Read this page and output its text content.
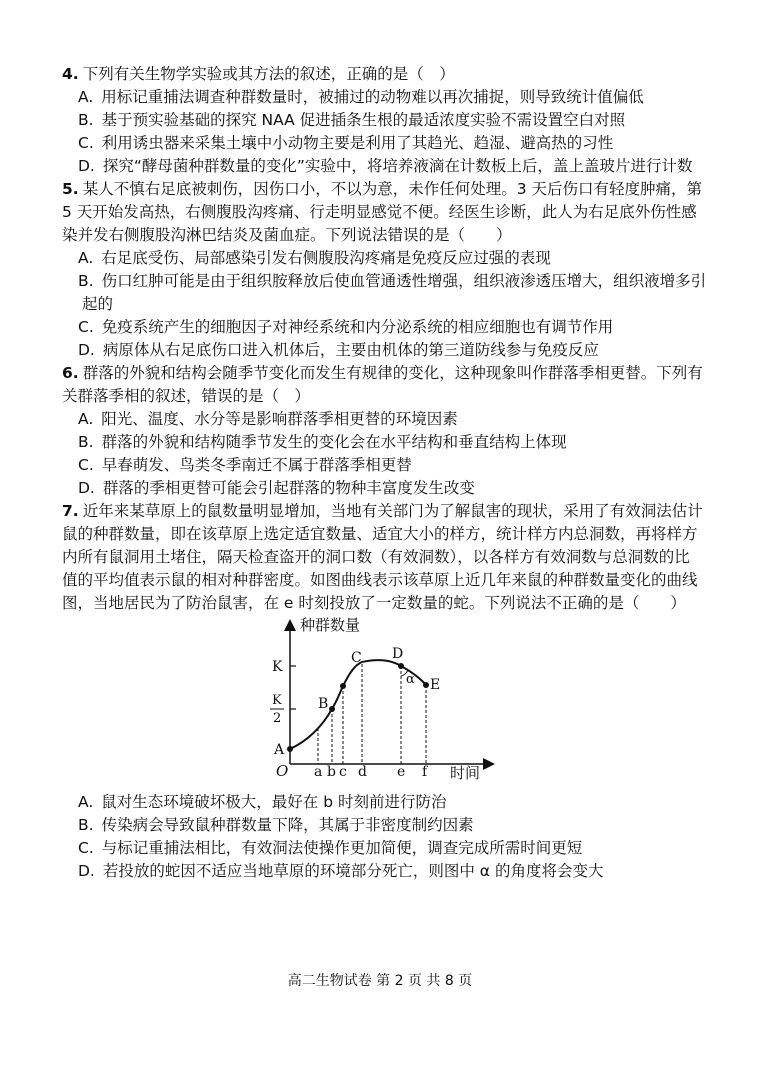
4. 下列有关生物学实验或其方法的叙述，正确的是（　）
A. 用标记重捕法调查种群数量时，被捕过的动物难以再次捕捉，则导致统计值偏低
B. 基于预实验基础的探究 NAA 促进插条生根的最适浓度实验不需设置空白对照
C. 利用诱虫器来采集土壤中小动物主要是利用了其趋光、趋湿、避高热的习性
D. 探究“酵母菌种群数量的变化”实验中，将培养液滴在计数板上后，盖上盖玻片进行计数
5. 某人不慎右足底被刺伤，因伤口小，不以为意，未作任何处理。3 天后伤口有轻度肿痛，第
5 天开始发高热，右侧腹股沟疼痛、行走明显感觉不便。经医生诊断，此人为右足底外伤性感
染并发右侧腹股沟淋巴结炎及菌血症。下列说法错误的是（　　）
A. 右足底受伤、局部感染引发右侧腹股沟疼痛是免疫反应过强的表现
B. 伤口红肿可能是由于组织胺释放后使血管通透性增强，组织液渗透压增大，组织液增多引
起的
C. 免疫系统产生的细胞因子对神经系统和内分泌系统的相应细胞也有调节作用
D. 病原体从右足底伤口进入机体后，主要由机体的第三道防线参与免疫反应
6. 群落的外貌和结构会随季节变化而发生有规律的变化，这种现象叫作群落季相更替。下列有
关群落季相的叙述，错误的是（　）
A. 阳光、温度、水分等是影响群落季相更替的环境因素
B. 群落的外貌和结构随季节发生的变化会在水平结构和垂直结构上体现
C. 早春萌发、鸟类冬季南迁不属于群落季相更替
D. 群落的季相更替可能会引起群落的物种丰富度发生改变
7. 近年来某草原上的鼠数量明显增加，当地有关部门为了解鼠害的现状，采用了有效洞法估计
鼠的种群数量，即在该草原上选定适宜数量、适宜大小的样方，统计样方内总洞数，再将样方
内所有鼠洞用土堵住，隔天检查盗开的洞口数（有效洞数），以各样方有效洞数与总洞数的比
值的平均值表示鼠的相对种群密度。如图曲线表示该草原上近几年来鼠的种群数量变化的曲线
图，当地居民为了防治鼠害，在 e 时刻投放了一定数量的蛇。下列说法不正确的是（　　）
种群数量
时间
O
K
K
2
a b c d e f
A
B
C D
E
α
A. 鼠对生态环境破坏极大，最好在 b 时刻前进行防治
B. 传染病会导致鼠种群数量下降，其属于非密度制约因素
C. 与标记重捕法相比，有效洞法使操作更加简便，调查完成所需时间更短
D. 若投放的蛇因不适应当地草原的环境部分死亡，则图中 α 的角度将会变大
高二生物试卷 第 2 页 共 8 页
